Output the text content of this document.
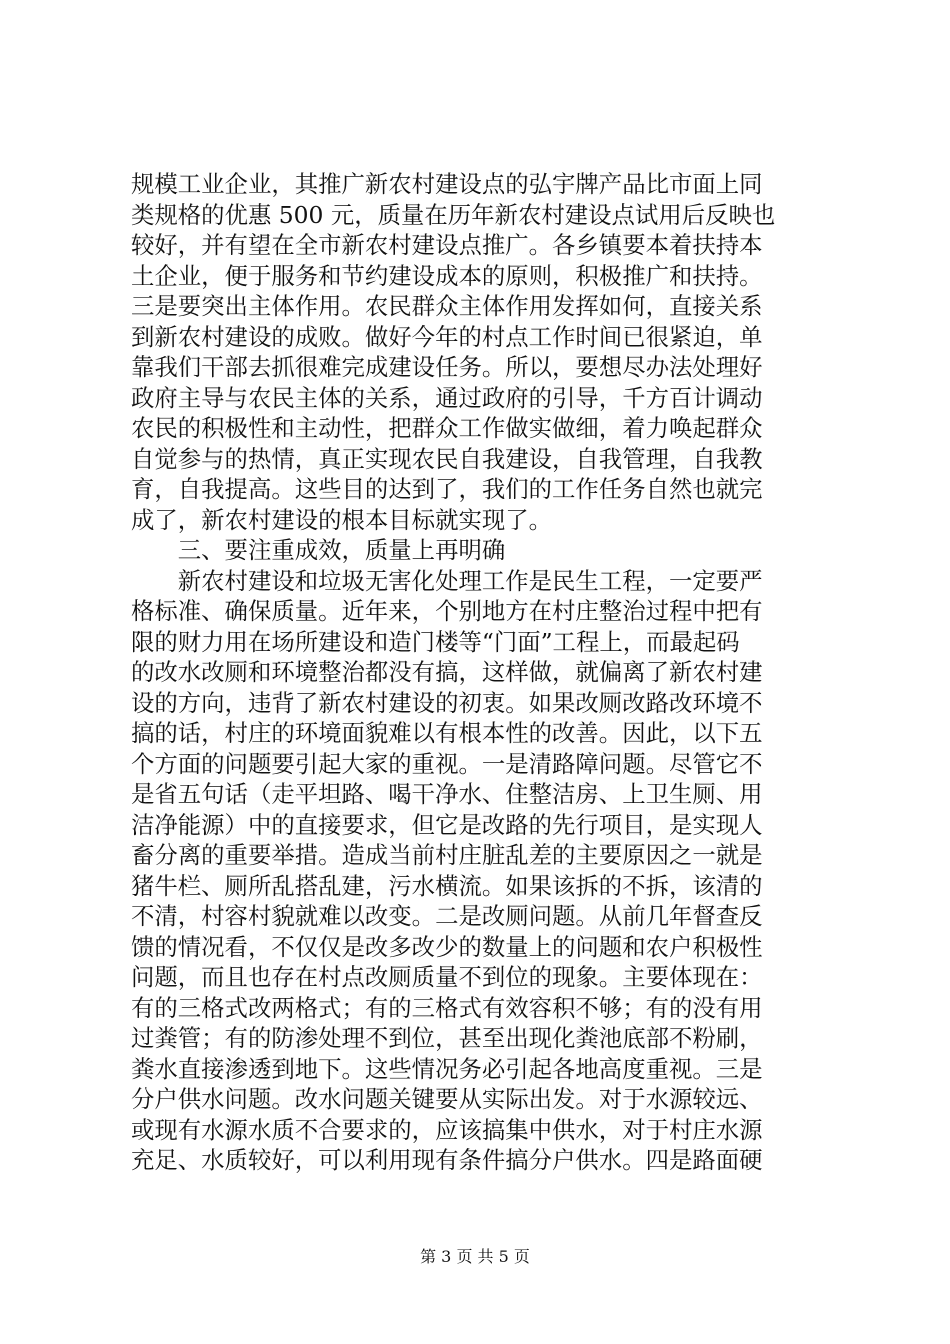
规模工业企业，其推广新农村建设点的弘宇牌产品比市面上同
类规格的优惠 500 元，质量在历年新农村建设点试用后反映也
较好，并有望在全市新农村建设点推广。各乡镇要本着扶持本
土企业，便于服务和节约建设成本的原则，积极推广和扶持。
三是要突出主体作用。农民群众主体作用发挥如何，直接关系
到新农村建设的成败。做好今年的村点工作时间已很紧迫，单
靠我们干部去抓很难完成建设任务。所以，要想尽办法处理好
政府主导与农民主体的关系，通过政府的引导，千方百计调动
农民的积极性和主动性，把群众工作做实做细，着力唤起群众
自觉参与的热情，真正实现农民自我建设，自我管理，自我教
育，自我提高。这些目的达到了，我们的工作任务自然也就完
成了，新农村建设的根本目标就实现了。
　　三、要注重成效，质量上再明确
　　新农村建设和垃圾无害化处理工作是民生工程，一定要严
格标准、确保质量。近年来，个别地方在村庄整治过程中把有
限的财力用在场所建设和造门楼等“门面”工程上，而最起码
的改水改厕和环境整治都没有搞，这样做，就偏离了新农村建
设的方向，违背了新农村建设的初衷。如果改厕改路改环境不
搞的话，村庄的环境面貌难以有根本性的改善。因此，以下五
个方面的问题要引起大家的重视。一是清路障问题。尽管它不
是省五句话（走平坦路、喝干净水、住整洁房、上卫生厕、用
洁净能源）中的直接要求，但它是改路的先行项目，是实现人
畜分离的重要举措。造成当前村庄脏乱差的主要原因之一就是
猪牛栏、厕所乱搭乱建，污水横流。如果该拆的不拆，该清的
不清，村容村貌就难以改变。二是改厕问题。从前几年督查反
馈的情况看，不仅仅是改多改少的数量上的问题和农户积极性
问题，而且也存在村点改厕质量不到位的现象。主要体现在：
有的三格式改两格式；有的三格式有效容积不够；有的没有用
过粪管；有的防渗处理不到位，甚至出现化粪池底部不粉刷，
粪水直接渗透到地下。这些情况务必引起各地高度重视。三是
分户供水问题。改水问题关键要从实际出发。对于水源较远、
或现有水源水质不合要求的，应该搞集中供水，对于村庄水源
充足、水质较好，可以利用现有条件搞分户供水。四是路面硬
第 3 页 共 5 页
